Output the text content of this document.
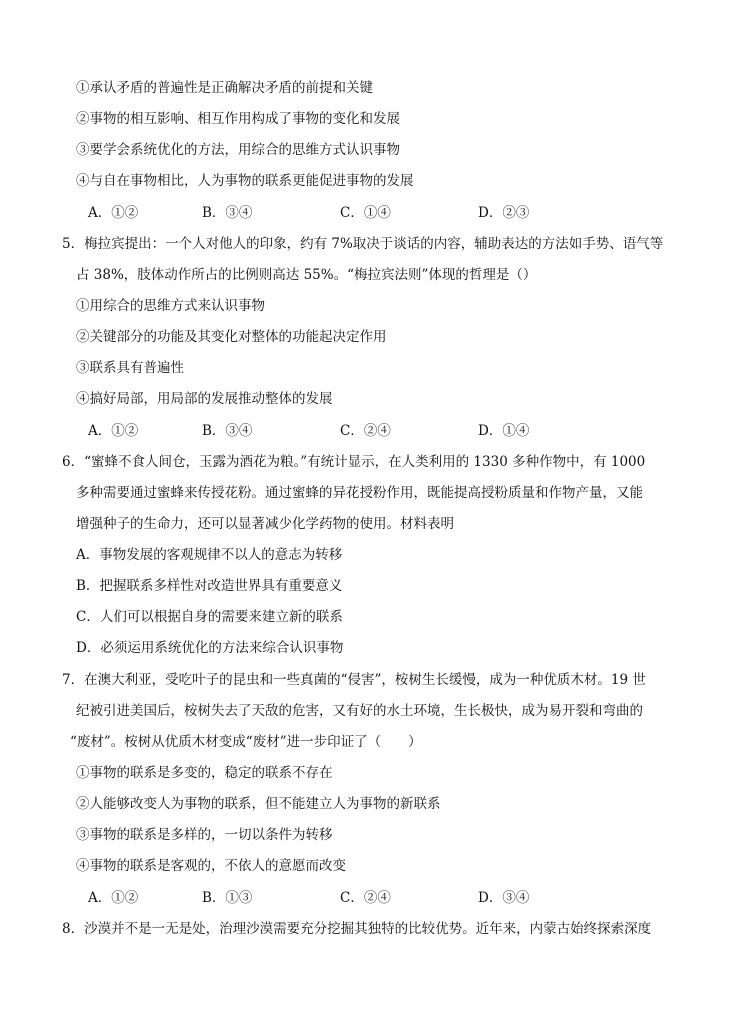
①承认矛盾的普遍性是正确解决矛盾的前提和关键
②事物的相互影响、相互作用构成了事物的变化和发展
③要学会系统优化的方法，用综合的思维方式认识事物
④与自在事物相比，人为事物的联系更能促进事物的发展
A．①②	B．③④	C．①④	D．②③
5．梅拉宾提出：一个人对他人的印象，约有 7%取决于谈话的内容，辅助表达的方法如手势、语气等
占 38%，肢体动作所占的比例则高达 55%。“梅拉宾法则”体现的哲理是（）
①用综合的思维方式来认识事物
②关键部分的功能及其变化对整体的功能起决定作用
③联系具有普遍性
④搞好局部，用局部的发展推动整体的发展
A．①②	B．③④	C．②④	D．①④
6．“蜜蜂不食人间仓，玉露为酒花为粮。”有统计显示，在人类利用的 1330 多种作物中，有 1000
多种需要通过蜜蜂来传授花粉。通过蜜蜂的异花授粉作用，既能提高授粉质量和作物产量，又能
增强种子的生命力，还可以显著减少化学药物的使用。材料表明
A．事物发展的客观规律不以人的意志为转移
B．把握联系多样性对改造世界具有重要意义
C．人们可以根据自身的需要来建立新的联系
D．必须运用系统优化的方法来综合认识事物
7．在澳大利亚，受吃叶子的昆虫和一些真菌的“侵害”，桉树生长缓慢，成为一种优质木材。19 世
纪被引进美国后，桉树失去了天敌的危害，又有好的水土环境，生长极快，成为易开裂和弯曲的
“废材”。桉树从优质木材变成“废材”进一步印证了（　　）
①事物的联系是多变的，稳定的联系不存在
②人能够改变人为事物的联系，但不能建立人为事物的新联系
③事物的联系是多样的，一切以条件为转移
④事物的联系是客观的，不依人的意愿而改变
A．①②	B．①③	C．②④	D．③④
8．沙漠并不是一无是处，治理沙漠需要充分挖掘其独特的比较优势。近年来，内蒙古始终探索深度
